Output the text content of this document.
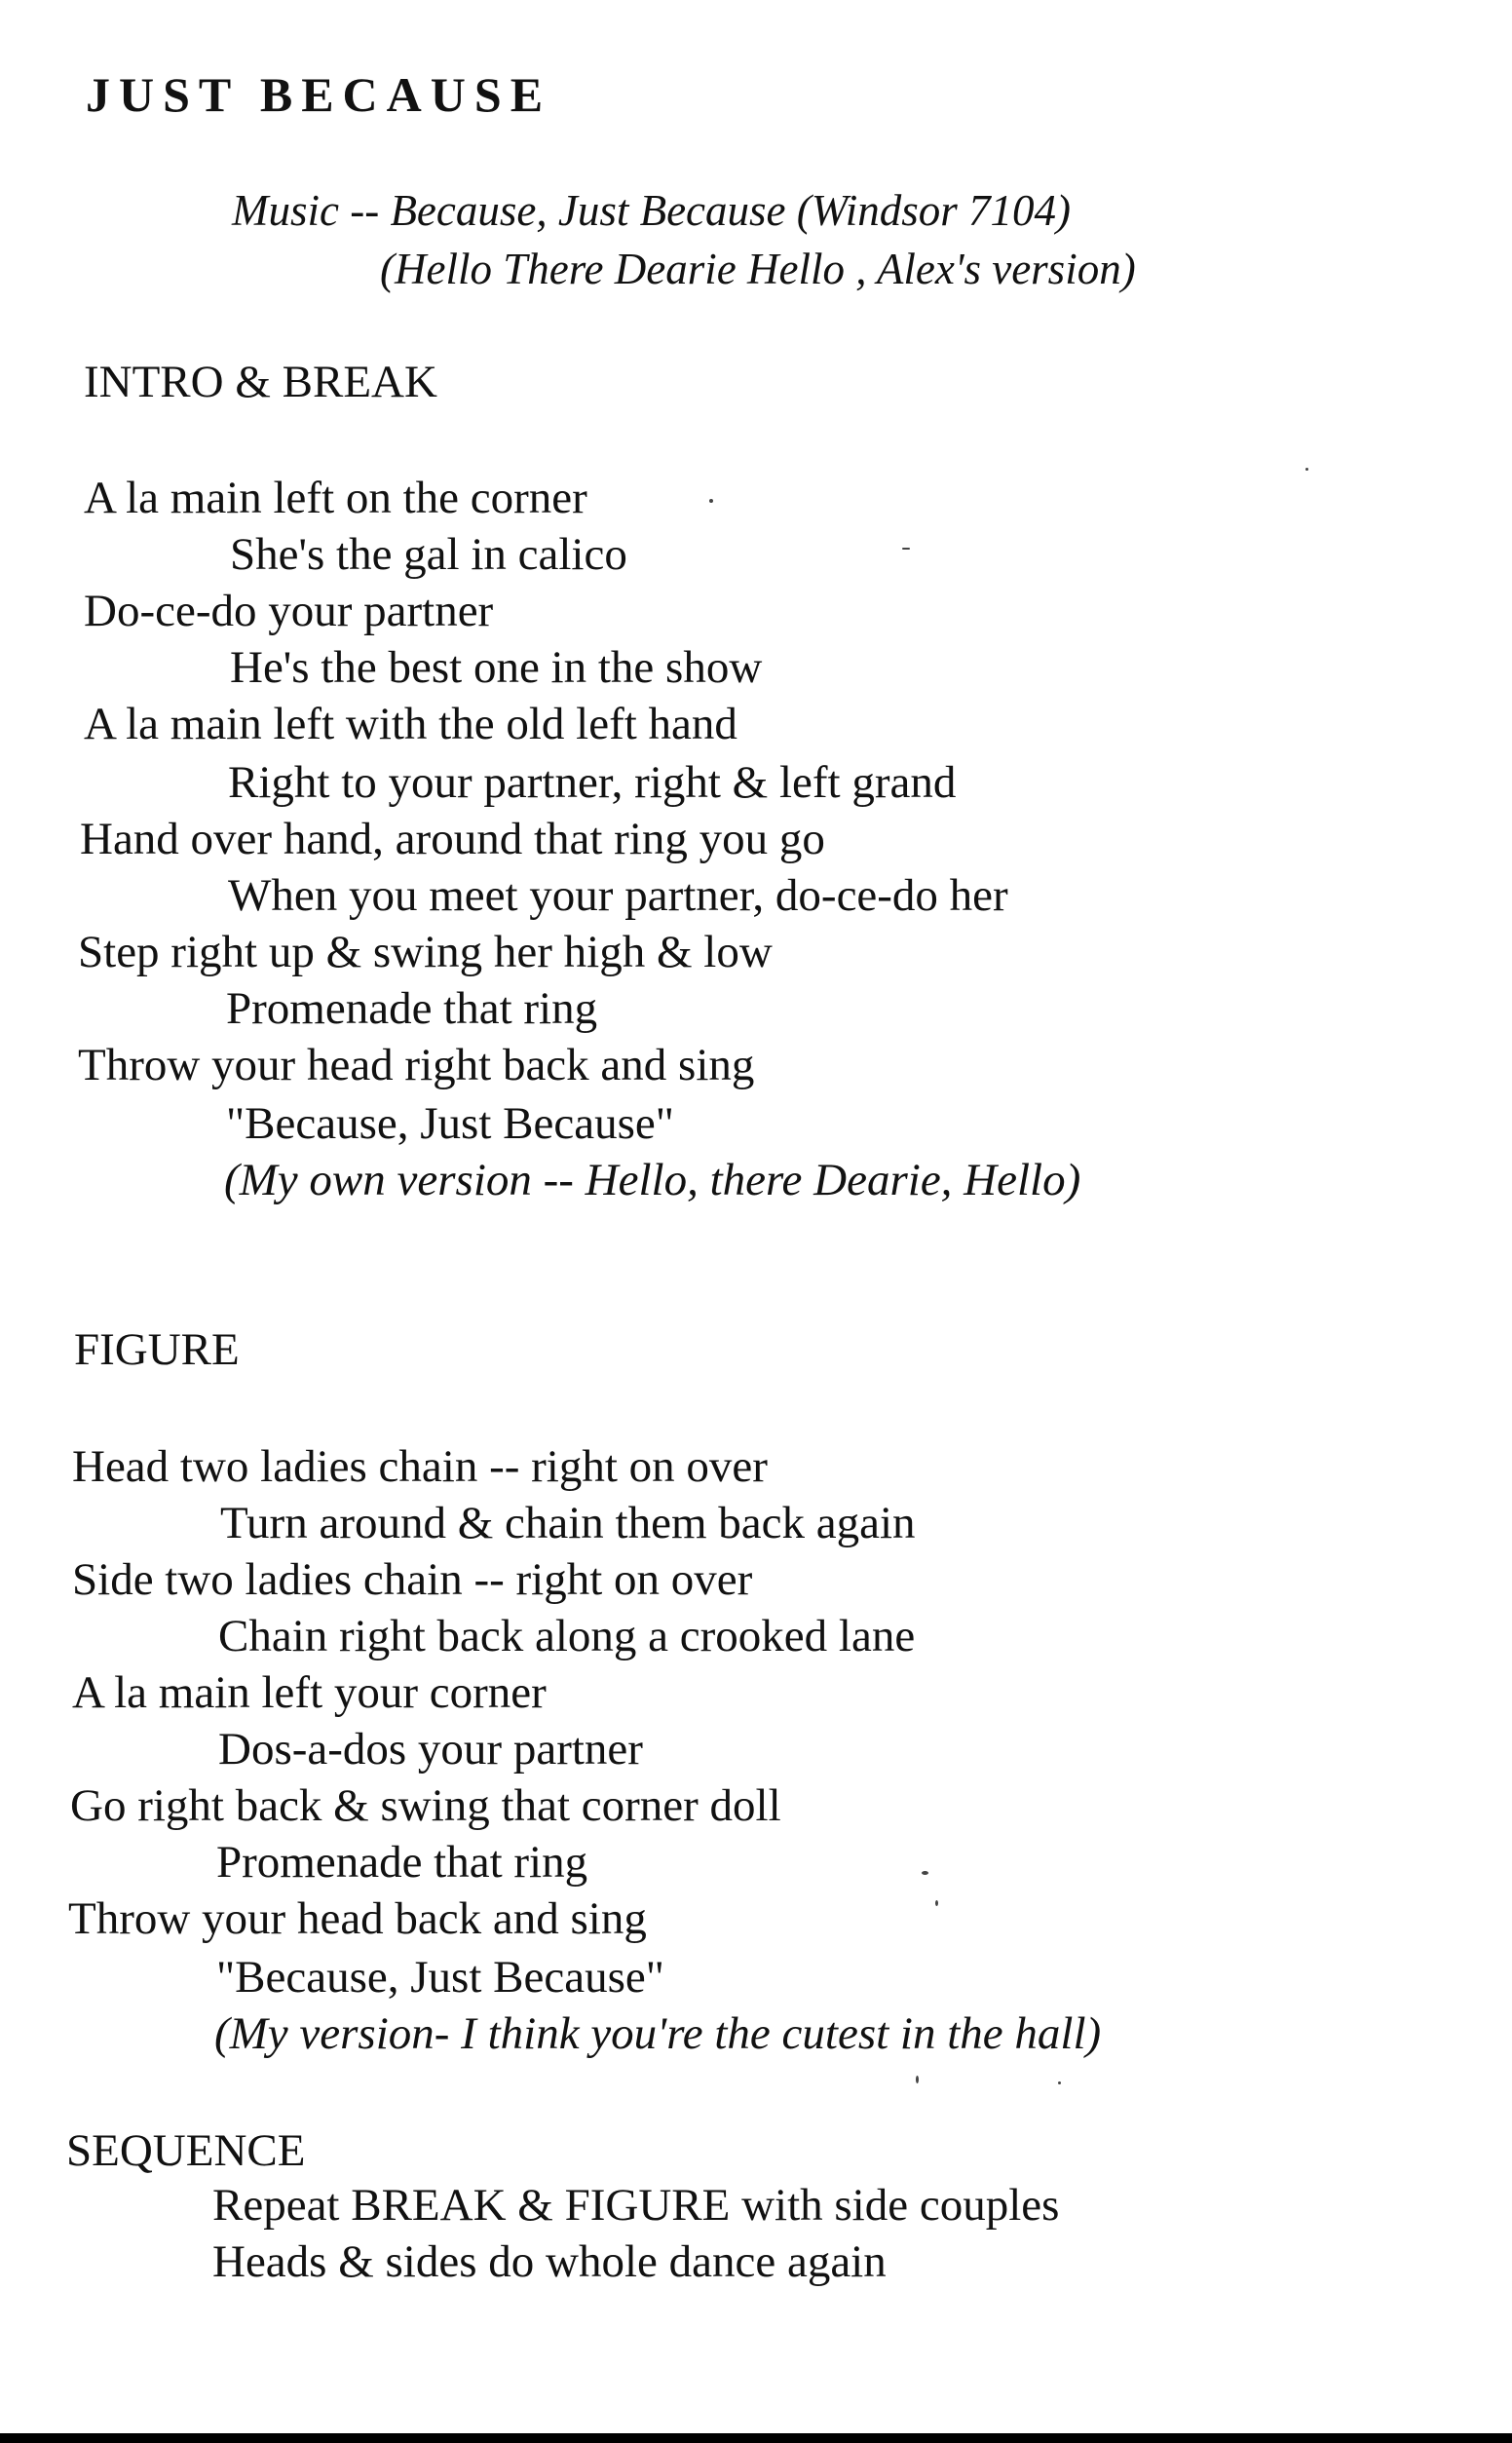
JUST BECAUSE
Music -- Because, Just Because (Windsor 7104)
(Hello There Dearie Hello , Alex's version)
INTRO & BREAK
A la main left on the corner
She's the gal in calico
Do-ce-do your partner
He's the best one in the show
A la main left with the old left hand
Right to your partner, right & left grand
Hand over hand, around that ring you go
When you meet your partner, do-ce-do her
Step right up & swing her high & low
Promenade that ring
Throw your head right back and sing
"Because, Just Because"
(My own version -- Hello, there Dearie, Hello)
FIGURE
Head two ladies chain -- right on over
Turn around & chain them back again
Side two ladies chain -- right on over
Chain right back along a crooked lane
A la main left your corner
Dos-a-dos your partner
Go right back & swing that corner doll
Promenade that ring
Throw your head back and sing
"Because, Just Because"
(My version- I think you're the cutest in the hall)
SEQUENCE
Repeat BREAK & FIGURE with side couples
Heads & sides do whole dance again
